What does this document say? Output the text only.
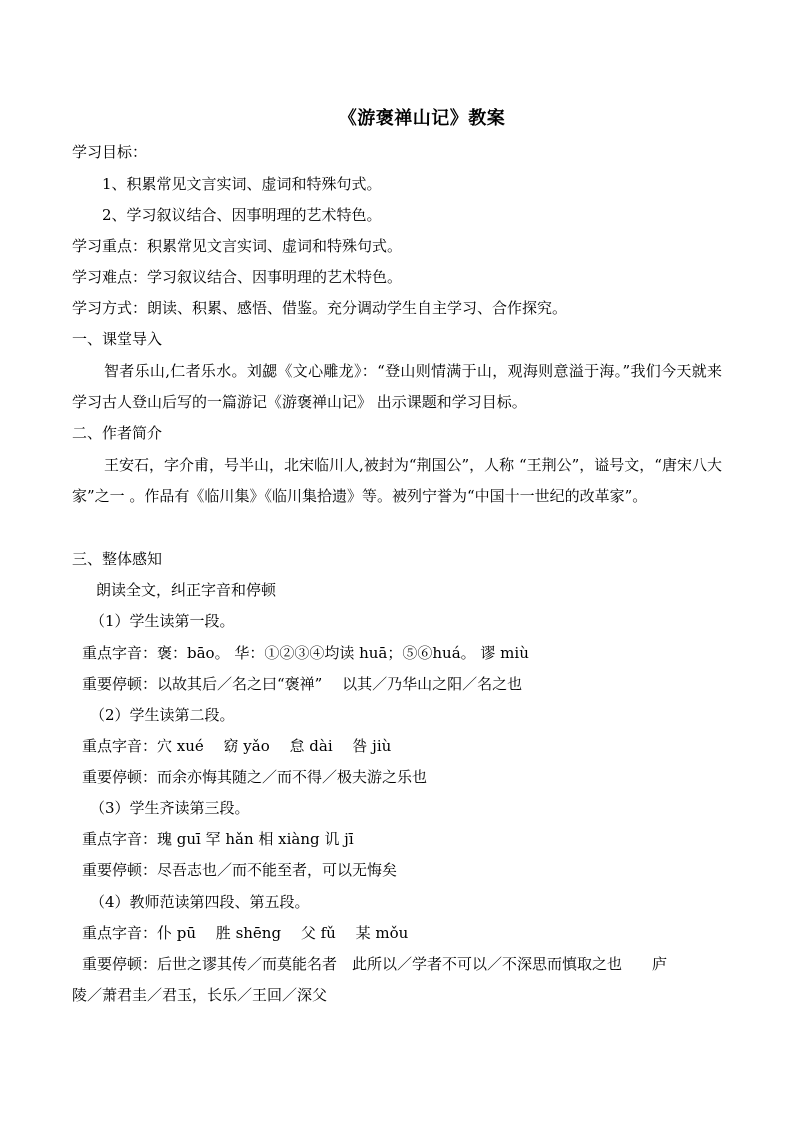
《游褒禅山记》教案
学习目标：
1、积累常见文言实词、虚词和特殊句式。
2、学习叙议结合、因事明理的艺术特色。
学习重点：积累常见文言实词、虚词和特殊句式。
学习难点：学习叙议结合、因事明理的艺术特色。
学习方式：朗读、积累、感悟、借鉴。充分调动学生自主学习、合作探究。
一、课堂导入
智者乐山,仁者乐水。刘勰《文心雕龙》：“登山则情满于山，观海则意溢于海。”我们今天就来学习古人登山后写的一篇游记《游褒禅山记》 出示课题和学习目标。
二、作者简介
王安石，字介甫，号半山，北宋临川人,被封为“荆国公”，人称 “王荆公”，谥号文，“唐宋八大家”之一 。作品有《临川集》《临川集拾遗》等。被列宁誉为“中国十一世纪的改革家”。
三、整体感知
朗读全文，纠正字音和停顿
（1）学生读第一段。
重点字音：褒：bāo。 华：①②③④均读 huā；⑤⑥huá。 谬 miù
重要停顿：以故其后／名之曰“褒禅”　 以其／乃华山之阳／名之也
（2）学生读第二段。
重点字音：穴 xué　 窈 yǎo　 怠 dài　 咎 jiù
重要停顿：而余亦悔其随之／而不得／极夫游之乐也
（3）学生齐读第三段。
重点字音：瑰 guī 罕 hǎn 相 xiàng 讥 jī
重要停顿：尽吾志也／而不能至者，可以无悔矣
（4）教师范读第四段、第五段。
重点字音：仆 pū　 胜 shēng　 父 fǔ　 某 mǒu
重要停顿：后世之谬其传／而莫能名者　此所以／学者不可以／不深思而慎取之也　　庐
陵／萧君圭／君玉，长乐／王回／深父
